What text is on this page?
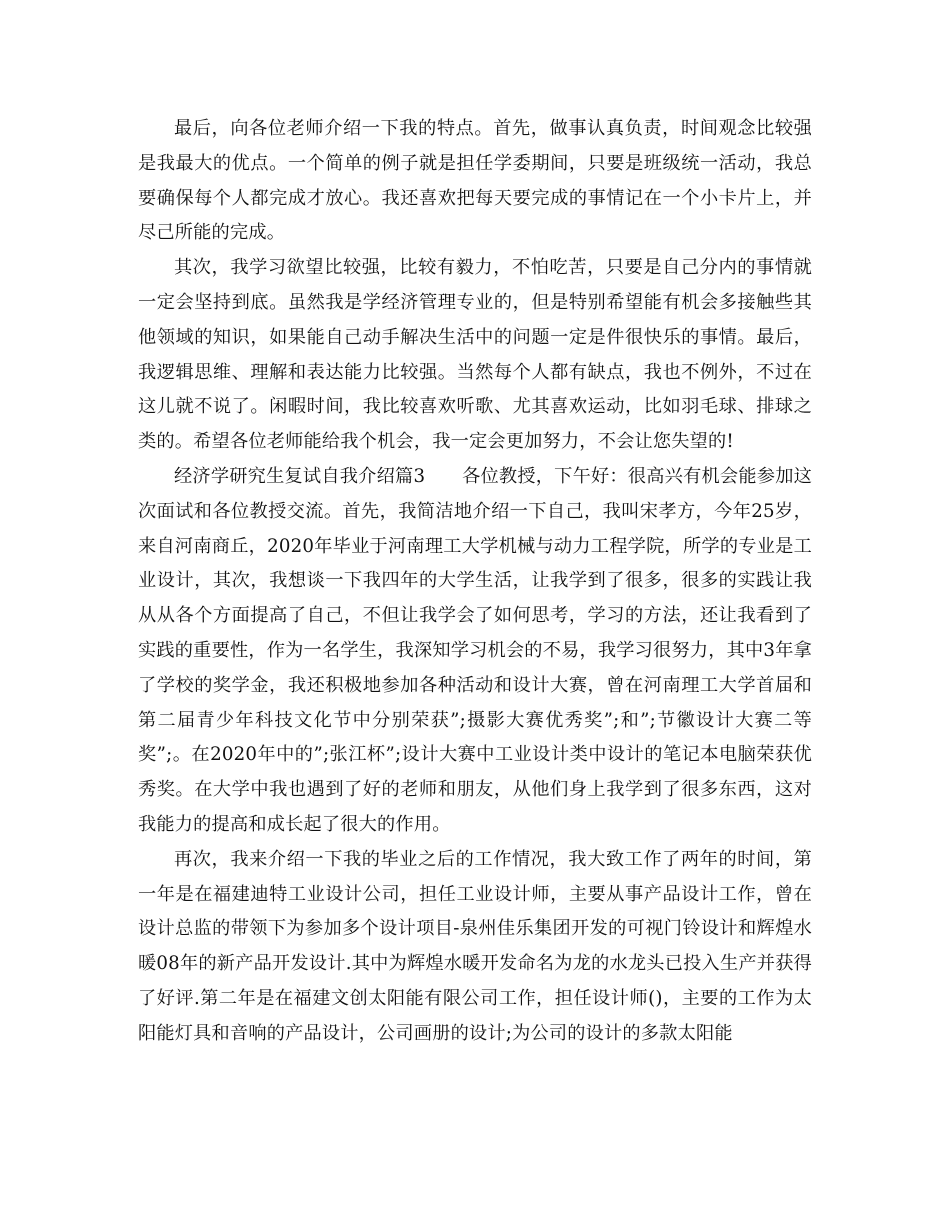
最后，向各位老师介绍一下我的特点。首先，做事认真负责，时间观念比较强是我最大的优点。一个简单的例子就是担任学委期间，只要是班级统一活动，我总要确保每个人都完成才放心。我还喜欢把每天要完成的事情记在一个小卡片上，并尽己所能的完成。

其次，我学习欲望比较强，比较有毅力，不怕吃苦，只要是自己分内的事情就一定会坚持到底。虽然我是学经济管理专业的，但是特别希望能有机会多接触些其他领域的知识，如果能自己动手解决生活中的问题一定是件很快乐的事情。最后，我逻辑思维、理解和表达能力比较强。当然每个人都有缺点，我也不例外，不过在这儿就不说了。闲暇时间，我比较喜欢听歌、尤其喜欢运动，比如羽毛球、排球之类的。希望各位老师能给我个机会，我一定会更加努力，不会让您失望的!

经济学研究生复试自我介绍篇3　　各位教授，下午好：很高兴有机会能参加这次面试和各位教授交流。首先，我简洁地介绍一下自己，我叫宋孝方，今年25岁，来自河南商丘，2020年毕业于河南理工大学机械与动力工程学院，所学的专业是工业设计，其次，我想谈一下我四年的大学生活，让我学到了很多，很多的实践让我从从各个方面提高了自己，不但让我学会了如何思考，学习的方法，还让我看到了实践的重要性，作为一名学生，我深知学习机会的不易，我学习很努力，其中3年拿了学校的奖学金，我还积极地参加各种活动和设计大赛，曾在河南理工大学首届和第二届青少年科技文化节中分别荣获”;摄影大赛优秀奖”;和”;节徽设计大赛二等奖”;。在2020年中的”;张江杯”;设计大赛中工业设计类中设计的笔记本电脑荣获优秀奖。在大学中我也遇到了好的老师和朋友，从他们身上我学到了很多东西，这对我能力的提高和成长起了很大的作用。

再次，我来介绍一下我的毕业之后的工作情况，我大致工作了两年的时间，第一年是在福建迪特工业设计公司，担任工业设计师，主要从事产品设计工作，曾在设计总监的带领下为参加多个设计项目-泉州佳乐集团开发的可视门铃设计和辉煌水暖08年的新产品开发设计.其中为辉煌水暖开发命名为龙的水龙头已投入生产并获得了好评.第二年是在福建文创太阳能有限公司工作，担任设计师()，主要的工作为太阳能灯具和音响的产品设计，公司画册的设计;为公司的设计的多款太阳能
